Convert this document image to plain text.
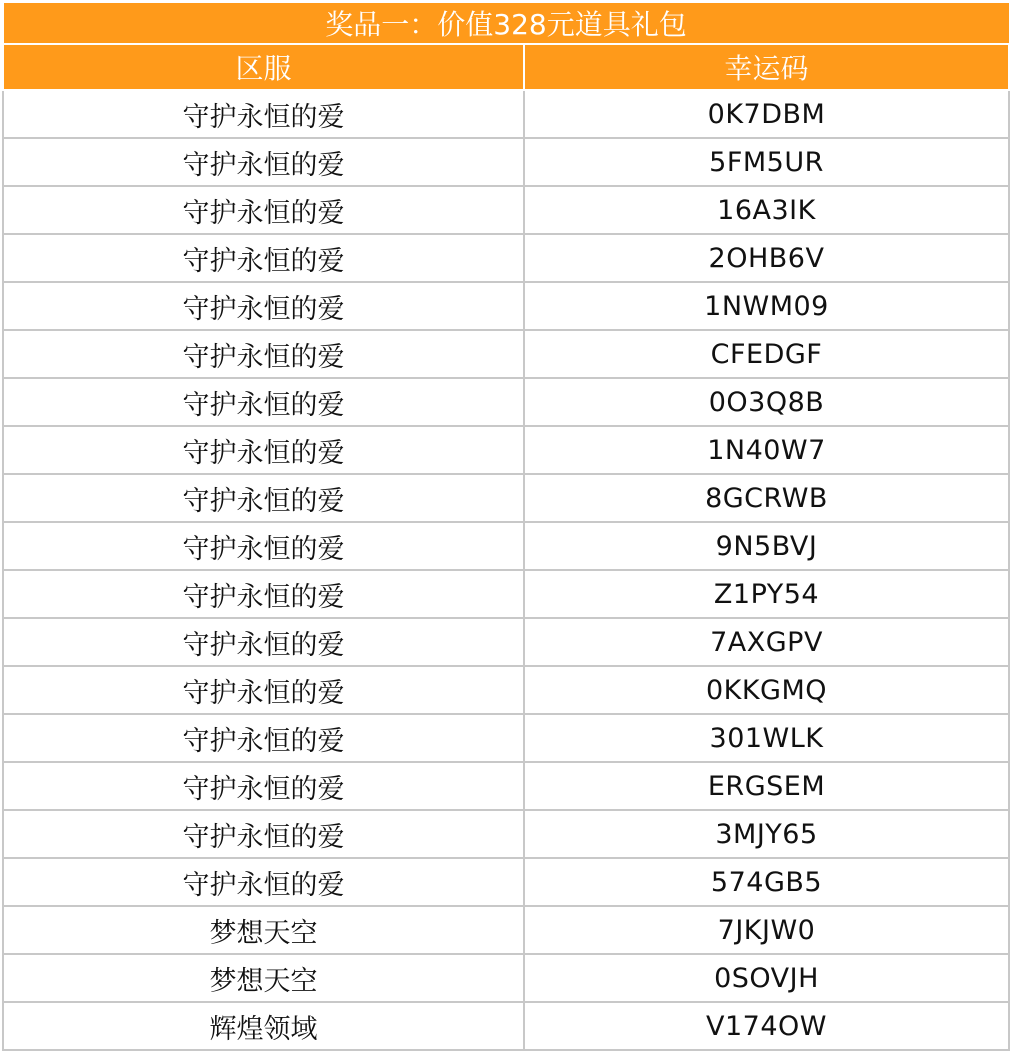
奖品一：价值328元道具礼包	
区服	幸运码
守护永恒的爱	0K7DBM
守护永恒的爱	5FM5UR
守护永恒的爱	16A3IK
守护永恒的爱	2OHB6V
守护永恒的爱	1NWM09
守护永恒的爱	CFEDGF
守护永恒的爱	0O3Q8B
守护永恒的爱	1N40W7
守护永恒的爱	8GCRWB
守护永恒的爱	9N5BVJ
守护永恒的爱	Z1PY54
守护永恒的爱	7AXGPV
守护永恒的爱	0KKGMQ
守护永恒的爱	301WLK
守护永恒的爱	ERGSEM
守护永恒的爱	3MJY65
守护永恒的爱	574GB5
梦想天空	7JKJW0
梦想天空	0SOVJH
辉煌领域	V174OW
